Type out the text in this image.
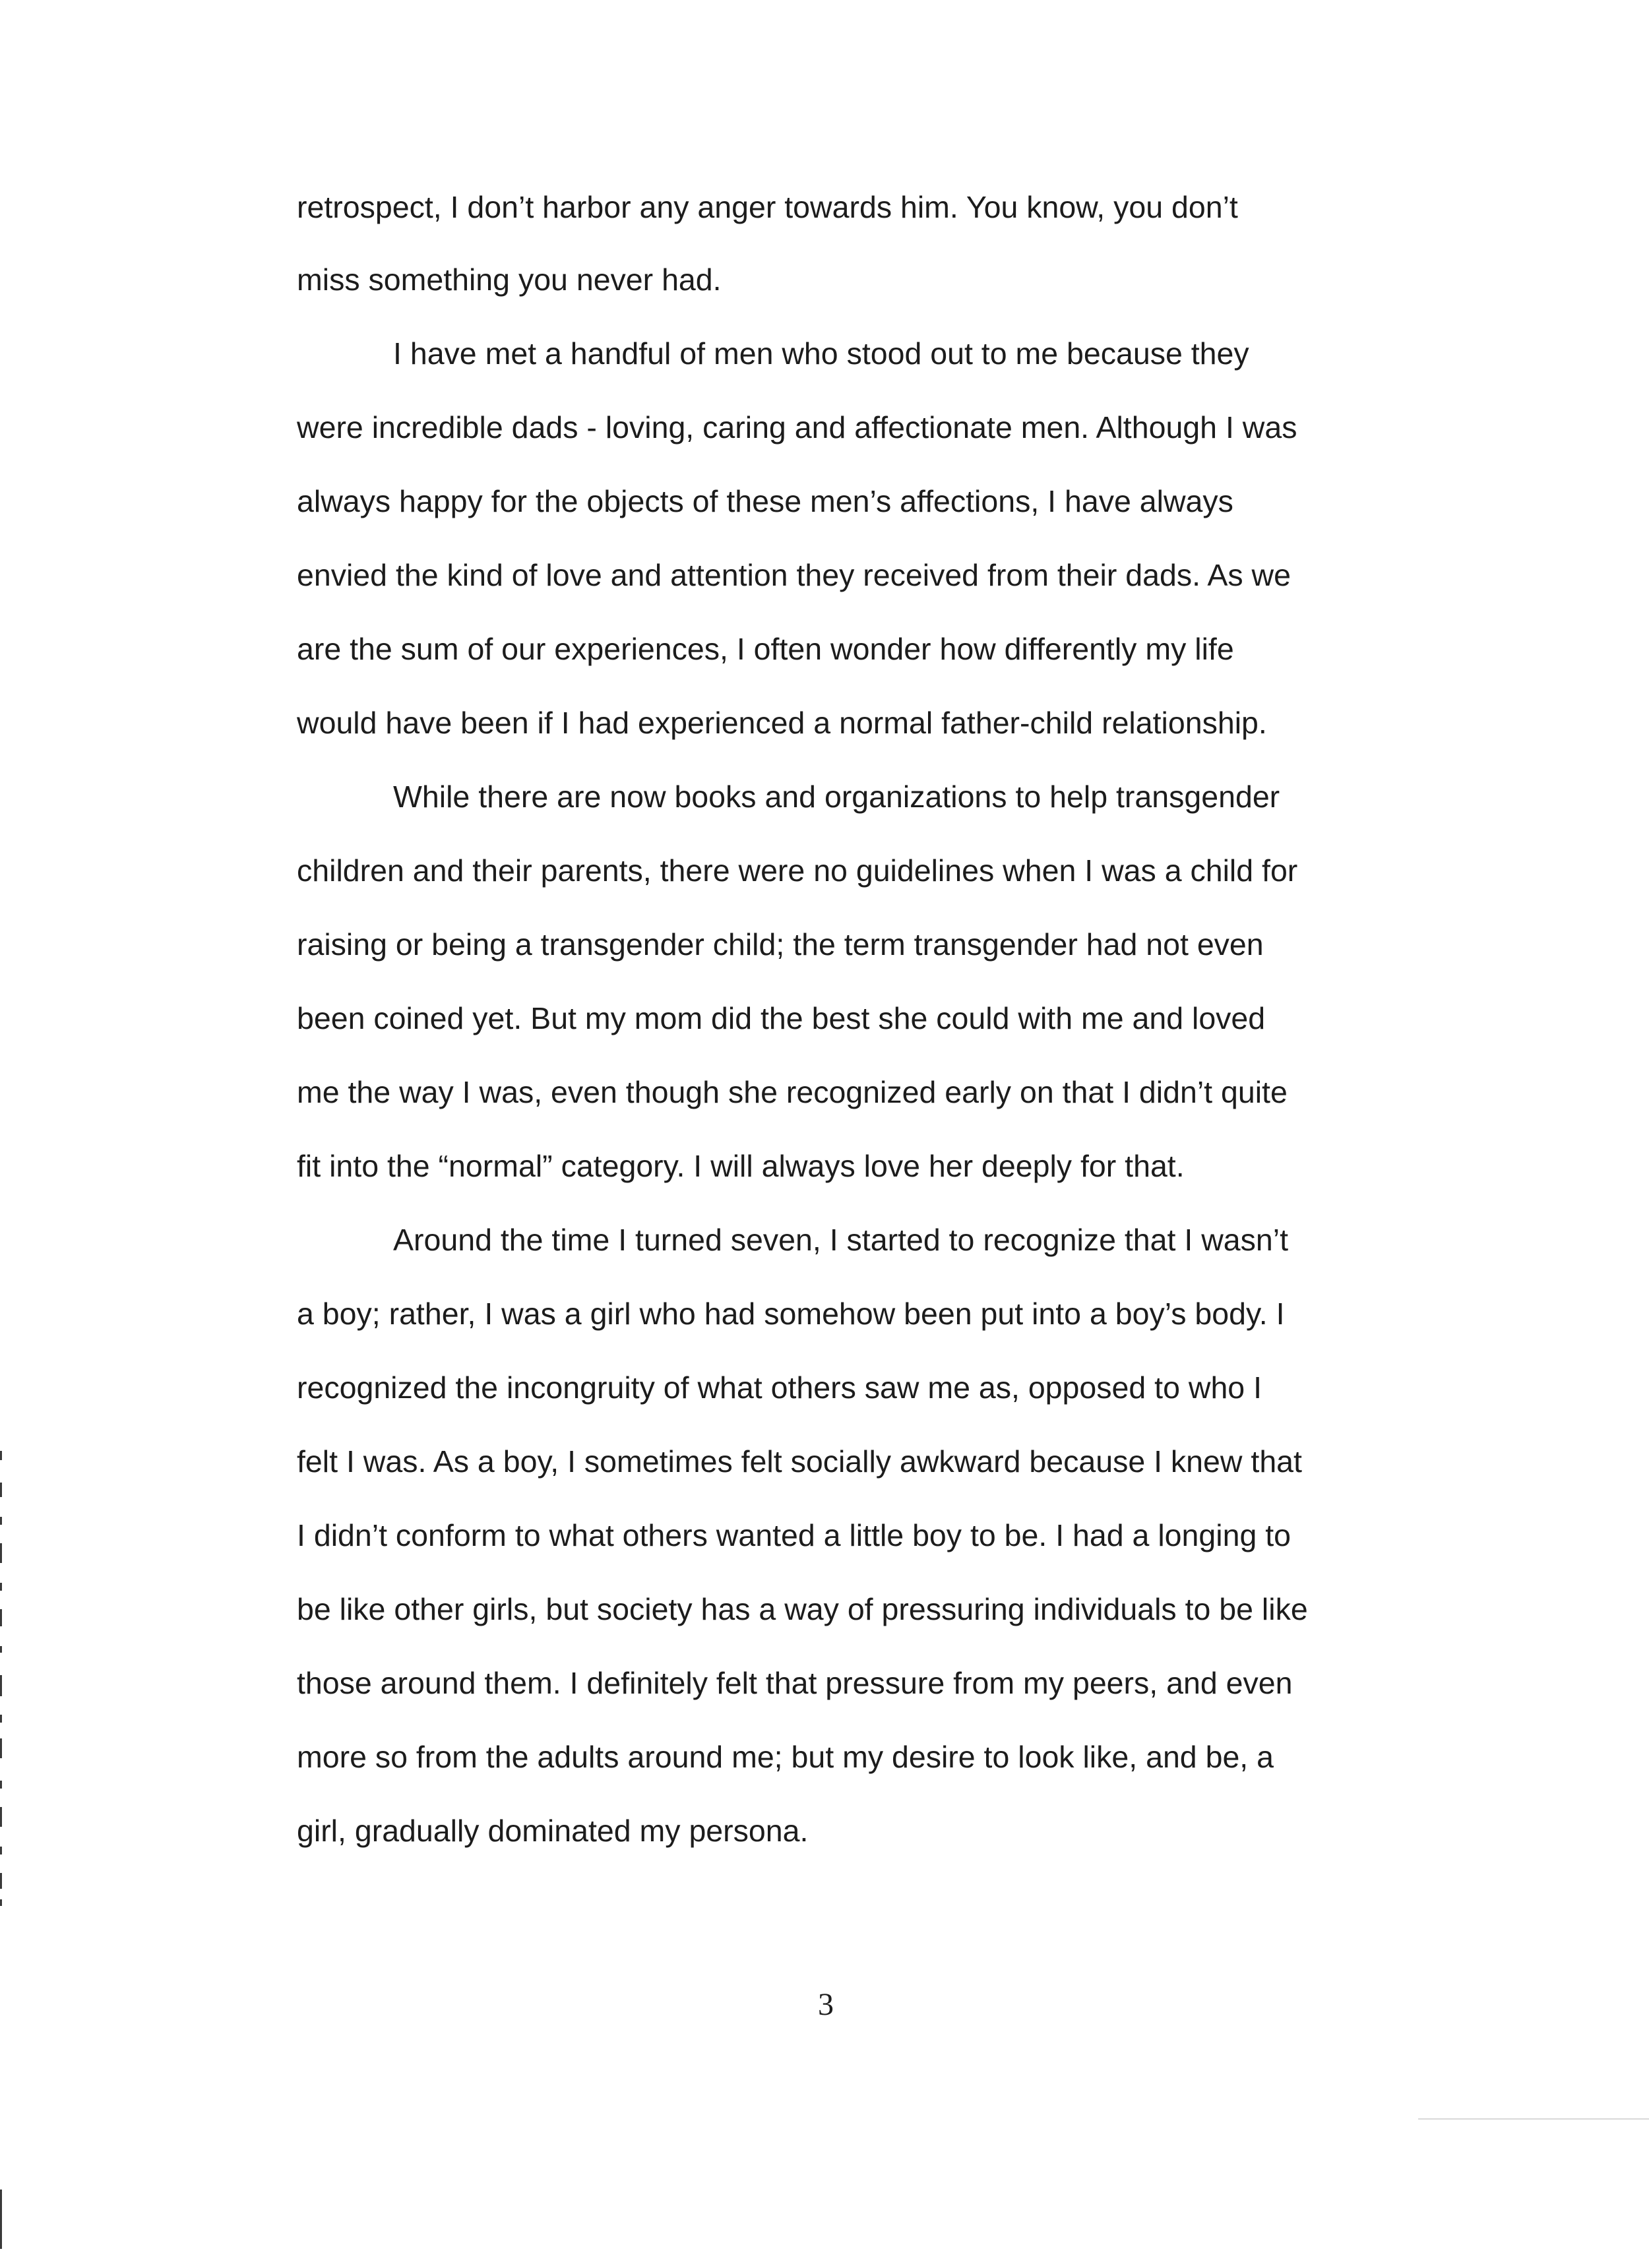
retrospect, I don’t harbor any anger towards him. You know, you don’t

miss something you never had.

I have met a handful of men who stood out to me because they

were incredible dads - loving, caring and affectionate men. Although I was

always happy for the objects of these men’s affections, I have always

envied the kind of love and attention they received from their dads. As we

are the sum of our experiences, I often wonder how differently my life

would have been if I had experienced a normal father-child relationship.

While there are now books and organizations to help transgender

children and their parents, there were no guidelines when I was a child for

raising or being a transgender child; the term transgender had not even

been coined yet. But my mom did the best she could with me and loved

me the way I was, even though she recognized early on that I didn’t quite

fit into the “normal” category. I will always love her deeply for that.

Around the time I turned seven, I started to recognize that I wasn’t

a boy; rather, I was a girl who had somehow been put into a boy’s body. I

recognized the incongruity of what others saw me as, opposed to who I

felt I was. As a boy, I sometimes felt socially awkward because I knew that

I didn’t conform to what others wanted a little boy to be. I had a longing to

be like other girls, but society has a way of pressuring individuals to be like

those around them. I definitely felt that pressure from my peers, and even

more so from the adults around me; but my desire to look like, and be, a

girl, gradually dominated my persona.

3
